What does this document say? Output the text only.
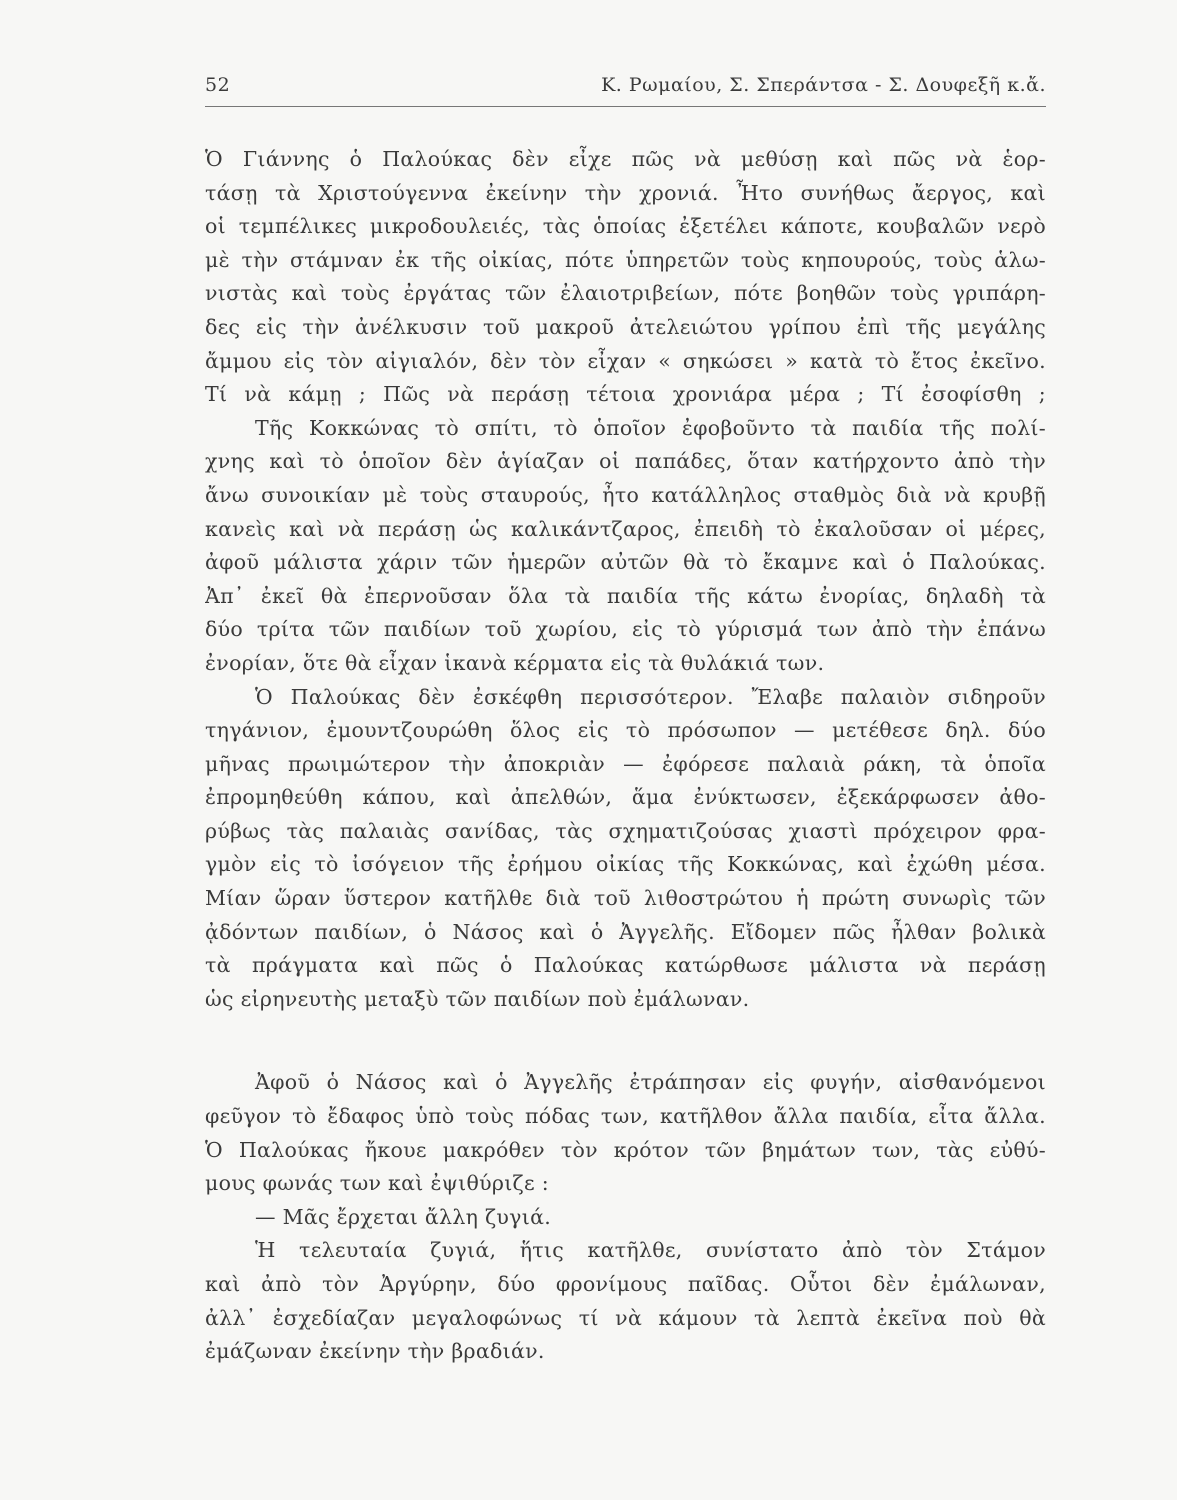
52	Κ. Ρωμαίου, Σ. Σπεράντσα - Σ. Δουφεξῆ κ.ἄ.
Ὁ Γιάννης ὁ Παλούκας δὲν εἶχε πῶς νὰ μεθύσῃ καὶ πῶς νὰ ἑορ-
τάσῃ τὰ Χριστούγεννα ἐκείνην τὴν χρονιά. Ἦτο συνήθως ἄεργος, καὶ
οἱ τεμπέλικες μικροδουλειές, τὰς ὁποίας ἐξετέλει κάποτε, κουβαλῶν νερὸ
μὲ τὴν στάμναν ἐκ τῆς οἰκίας, πότε ὑπηρετῶν τοὺς κηπουρούς, τοὺς ἁλω-
νιστὰς καὶ τοὺς ἐργάτας τῶν ἐλαιοτριβείων, πότε βοηθῶν τοὺς γριπάρη-
δες εἰς τὴν ἀνέλκυσιν τοῦ μακροῦ ἀτελειώτου γρίπου ἐπὶ τῆς μεγάλης
ἄμμου εἰς τὸν αἰγιαλόν, δὲν τὸν εἶχαν « σηκώσει » κατὰ τὸ ἔτος ἐκεῖνο.
Τί νὰ κάμῃ ; Πῶς νὰ περάσῃ τέτοια χρονιάρα μέρα ; Τί ἐσοφίσθη ;
Τῆς Κοκκώνας τὸ σπίτι, τὸ ὁποῖον ἐφοβοῦντο τὰ παιδία τῆς πολί-
χνης καὶ τὸ ὁποῖον δὲν ἁγίαζαν οἱ παπάδες, ὅταν κατήρχοντο ἀπὸ τὴν
ἄνω συνοικίαν μὲ τοὺς σταυρούς, ἦτο κατάλληλος σταθμὸς διὰ νὰ κρυβῇ
κανεὶς καὶ νὰ περάσῃ ὡς καλικάντζαρος, ἐπειδὴ τὸ ἐκαλοῦσαν οἱ μέρες,
ἀφοῦ μάλιστα χάριν τῶν ἡμερῶν αὐτῶν θὰ τὸ ἔκαμνε καὶ ὁ Παλούκας.
Ἀπ᾽ ἐκεῖ θὰ ἐπερνοῦσαν ὅλα τὰ παιδία τῆς κάτω ἐνορίας, δηλαδὴ τὰ
δύο τρίτα τῶν παιδίων τοῦ χωρίου, εἰς τὸ γύρισμά των ἀπὸ τὴν ἐπάνω
ἐνορίαν, ὅτε θὰ εἶχαν ἱκανὰ κέρματα εἰς τὰ θυλάκιά των.
Ὁ Παλούκας δὲν ἐσκέφθη περισσότερον. Ἔλαβε παλαιὸν σιδηροῦν
τηγάνιον, ἐμουντζουρώθη ὅλος εἰς τὸ πρόσωπον — μετέθεσε δηλ. δύο
μῆνας πρωιμώτερον τὴν ἀποκριὰν — ἐφόρεσε παλαιὰ ράκη, τὰ ὁποῖα
ἐπρομηθεύθη κάπου, καὶ ἀπελθών, ἅμα ἐνύκτωσεν, ἐξεκάρφωσεν ἀθο-
ρύβως τὰς παλαιὰς σανίδας, τὰς σχηματιζούσας χιαστὶ πρόχειρον φρα-
γμὸν εἰς τὸ ἰσόγειον τῆς ἐρήμου οἰκίας τῆς Κοκκώνας, καὶ ἐχώθη μέσα.
Μίαν ὥραν ὕστερον κατῆλθε διὰ τοῦ λιθοστρώτου ἡ πρώτη συνωρὶς τῶν
ᾀδόντων παιδίων, ὁ Νάσος καὶ ὁ Ἀγγελῆς. Εἴδομεν πῶς ἦλθαν βολικὰ
τὰ πράγματα καὶ πῶς ὁ Παλούκας κατώρθωσε μάλιστα νὰ περάσῃ
ὡς εἰρηνευτὴς μεταξὺ τῶν παιδίων ποὺ ἐμάλωναν.
Ἀφοῦ ὁ Νάσος καὶ ὁ Ἀγγελῆς ἐτράπησαν εἰς φυγήν, αἰσθανόμενοι
φεῦγον τὸ ἔδαφος ὑπὸ τοὺς πόδας των, κατῆλθον ἄλλα παιδία, εἶτα ἄλλα.
Ὁ Παλούκας ἤκουε μακρόθεν τὸν κρότον τῶν βημάτων των, τὰς εὐθύ-
μους φωνάς των καὶ ἐψιθύριζε :
— Μᾶς ἔρχεται ἄλλη ζυγιά.
Ἡ τελευταία ζυγιά, ἥτις κατῆλθε, συνίστατο ἀπὸ τὸν Στάμον
καὶ ἀπὸ τὸν Ἀργύρην, δύο φρονίμους παῖδας. Οὗτοι δὲν ἐμάλωναν,
ἀλλ᾽ ἐσχεδίαζαν μεγαλοφώνως τί νὰ κάμουν τὰ λεπτὰ ἐκεῖνα ποὺ θὰ
ἐμάζωναν ἐκείνην τὴν βραδιάν.
